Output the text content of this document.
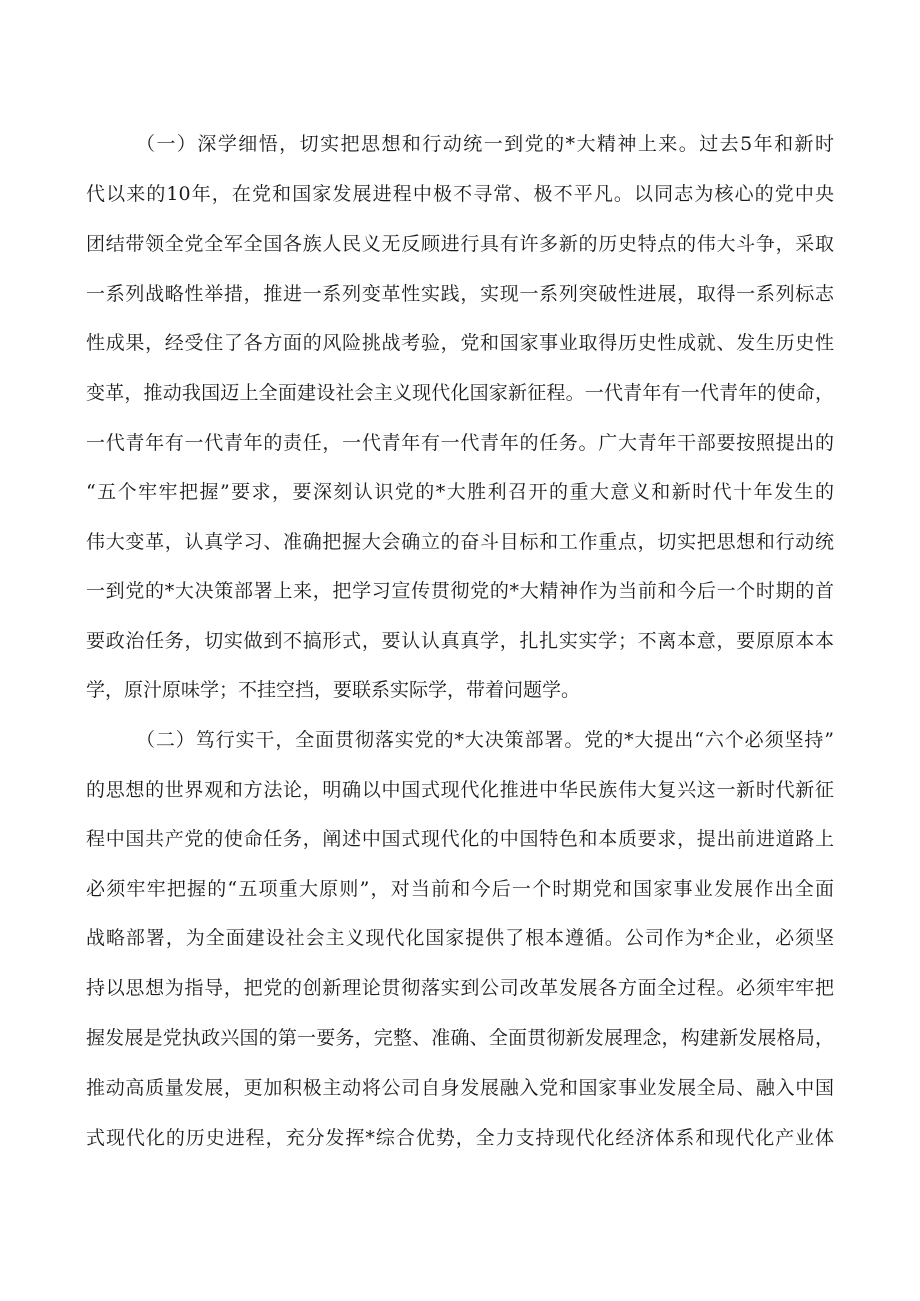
（一）深学细悟，切实把思想和行动统一到党的*大精神上来。过去5年和新时
代以来的10年，在党和国家发展进程中极不寻常、极不平凡。以同志为核心的党中央
团结带领全党全军全国各族人民义无反顾进行具有许多新的历史特点的伟大斗争，采取
一系列战略性举措，推进一系列变革性实践，实现一系列突破性进展，取得一系列标志
性成果，经受住了各方面的风险挑战考验，党和国家事业取得历史性成就、发生历史性
变革，推动我国迈上全面建设社会主义现代化国家新征程。一代青年有一代青年的使命，
一代青年有一代青年的责任，一代青年有一代青年的任务。广大青年干部要按照提出的
“五个牢牢把握”要求，要深刻认识党的*大胜利召开的重大意义和新时代十年发生的
伟大变革，认真学习、准确把握大会确立的奋斗目标和工作重点，切实把思想和行动统
一到党的*大决策部署上来，把学习宣传贯彻党的*大精神作为当前和今后一个时期的首
要政治任务，切实做到不搞形式，要认认真真学，扎扎实实学；不离本意，要原原本本
学，原汁原味学；不挂空挡，要联系实际学，带着问题学。
（二）笃行实干，全面贯彻落实党的*大决策部署。党的*大提出“六个必须坚持”
的思想的世界观和方法论，明确以中国式现代化推进中华民族伟大复兴这一新时代新征
程中国共产党的使命任务，阐述中国式现代化的中国特色和本质要求，提出前进道路上
必须牢牢把握的“五项重大原则”，对当前和今后一个时期党和国家事业发展作出全面
战略部署，为全面建设社会主义现代化国家提供了根本遵循。公司作为*企业，必须坚
持以思想为指导，把党的创新理论贯彻落实到公司改革发展各方面全过程。必须牢牢把
握发展是党执政兴国的第一要务，完整、准确、全面贯彻新发展理念，构建新发展格局，
推动高质量发展，更加积极主动将公司自身发展融入党和国家事业发展全局、融入中国
式现代化的历史进程，充分发挥*综合优势，全力支持现代化经济体系和现代化产业体
